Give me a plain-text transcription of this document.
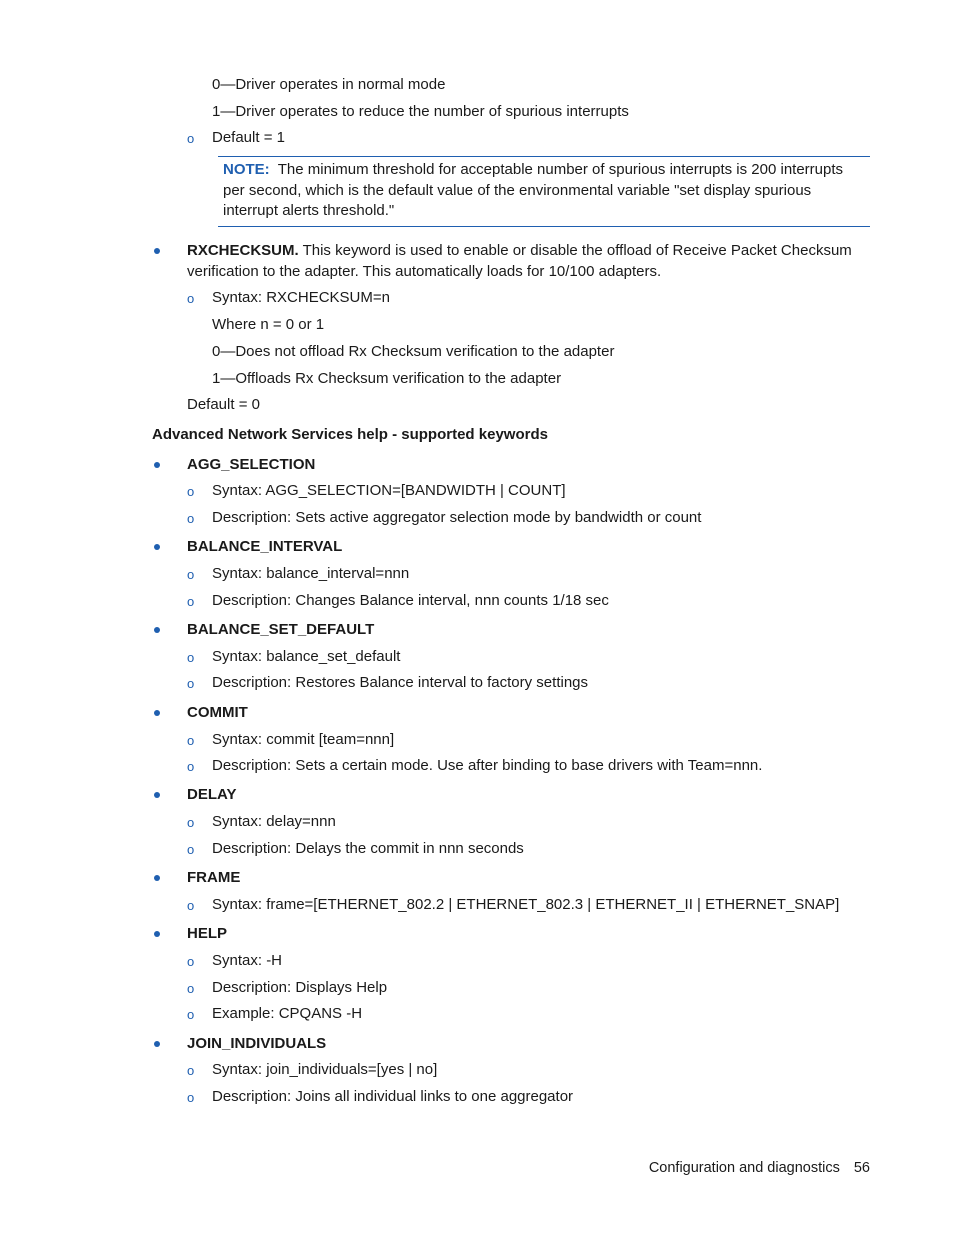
0—Driver operates in normal mode
1—Driver operates to reduce the number of spurious interrupts
o Default = 1
NOTE: The minimum threshold for acceptable number of spurious interrupts is 200 interrupts per second, which is the default value of the environmental variable "set display spurious interrupt alerts threshold."
RXCHECKSUM. This keyword is used to enable or disable the offload of Receive Packet Checksum
verification to the adapter. This automatically loads for 10/100 adapters.
o Syntax: RXCHECKSUM=n
Where n = 0 or 1
0—Does not offload Rx Checksum verification to the adapter
1—Offloads Rx Checksum verification to the adapter
Default = 0
Advanced Network Services help - supported keywords
AGG_SELECTION
o Syntax: AGG_SELECTION=[BANDWIDTH | COUNT]
o Description: Sets active aggregator selection mode by bandwidth or count
BALANCE_INTERVAL
o Syntax: balance_interval=nnn
o Description: Changes Balance interval, nnn counts 1/18 sec
BALANCE_SET_DEFAULT
o Syntax: balance_set_default
o Description: Restores Balance interval to factory settings
COMMIT
o Syntax: commit [team=nnn]
o Description: Sets a certain mode. Use after binding to base drivers with Team=nnn.
DELAY
o Syntax: delay=nnn
o Description: Delays the commit in nnn seconds
FRAME
o Syntax: frame=[ETHERNET_802.2 | ETHERNET_802.3 | ETHERNET_II | ETHERNET_SNAP]
HELP
o Syntax: -H
o Description: Displays Help
o Example: CPQANS -H
JOIN_INDIVIDUALS
o Syntax: join_individuals=[yes | no]
o Description: Joins all individual links to one aggregator
Configuration and diagnostics 56
